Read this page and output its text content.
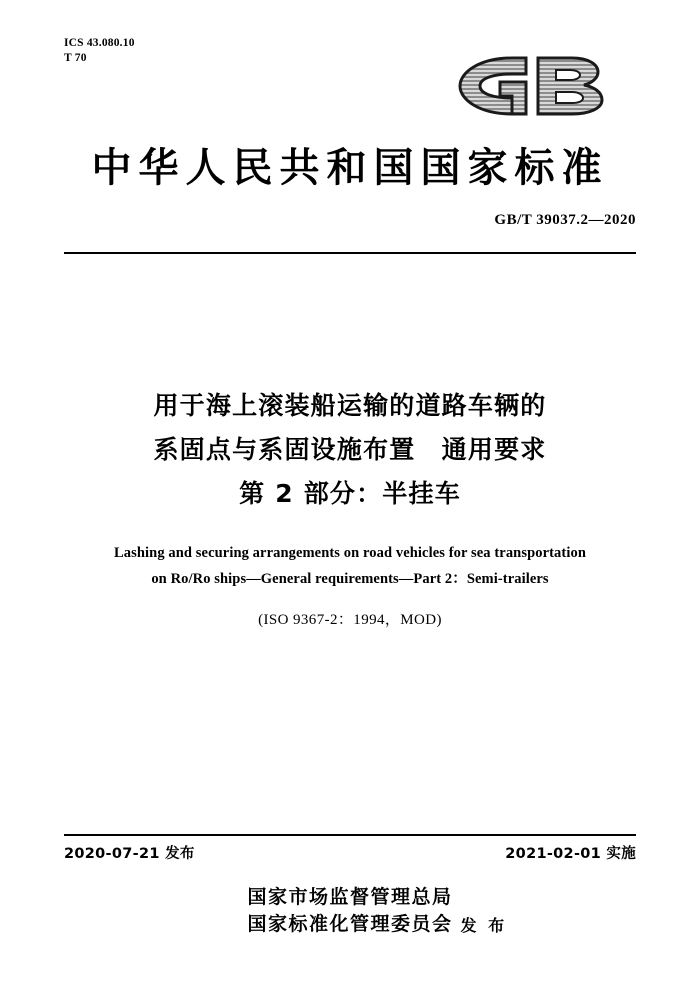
ICS 43.080.10
T 70
中华人民共和国国家标准
GB/T 39037.2—2020
用于海上滚装船运输的道路车辆的
系固点与系固设施布置　通用要求
第 2 部分：半挂车
Lashing and securing arrangements on road vehicles for sea transportation
on Ro/Ro ships—General requirements—Part 2：Semi-trailers
(ISO 9367-2：1994，MOD)
2020-07-21 发布	2021-02-01 实施
国家市场监督管理总局
国家标准化管理委员会 发 布
